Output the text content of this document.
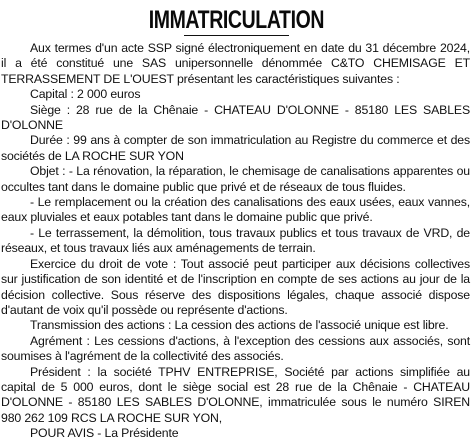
IMMATRICULATION

Aux termes d'un acte SSP signé électroniquement en date du 31 décembre 2024, il a été constitué une SAS unipersonnelle dénommée C&TO CHEMISAGE ET TERRASSEMENT DE L'OUEST présentant les caractéristiques suivantes :

Capital : 2 000 euros

Siège : 28 rue de la Chênaie - CHATEAU D'OLONNE - 85180 LES SABLES D'OLONNE

Durée : 99 ans à compter de son immatriculation au Registre du commerce et des sociétés de LA ROCHE SUR YON

Objet : - La rénovation, la réparation, le chemisage de canalisations apparentes ou occultes tant dans le domaine public que privé et de réseaux de tous fluides.

- Le remplacement ou la création des canalisations des eaux usées, eaux vannes, eaux pluviales et eaux potables tant dans le domaine public que privé.

- Le terrassement, la démolition, tous travaux publics et tous travaux de VRD, de réseaux, et tous travaux liés aux aménagements de terrain.

Exercice du droit de vote : Tout associé peut participer aux décisions collectives sur justification de son identité et de l'inscription en compte de ses actions au jour de la décision collective. Sous réserve des dispositions légales, chaque associé dispose d'autant de voix qu'il possède ou représente d'actions.

Transmission des actions : La cession des actions de l'associé unique est libre.

Agrément : Les cessions d'actions, à l'exception des cessions aux associés, sont soumises à l'agrément de la collectivité des associés.

Président : la société TPHV ENTREPRISE, Société par actions simplifiée au capital de 5 000 euros, dont le siège social est 28 rue de la Chênaie - CHATEAU D'OLONNE - 85180 LES SABLES D'OLONNE, immatriculée sous le numéro SIREN 980 262 109 RCS LA ROCHE SUR YON,

POUR AVIS - La Présidente
